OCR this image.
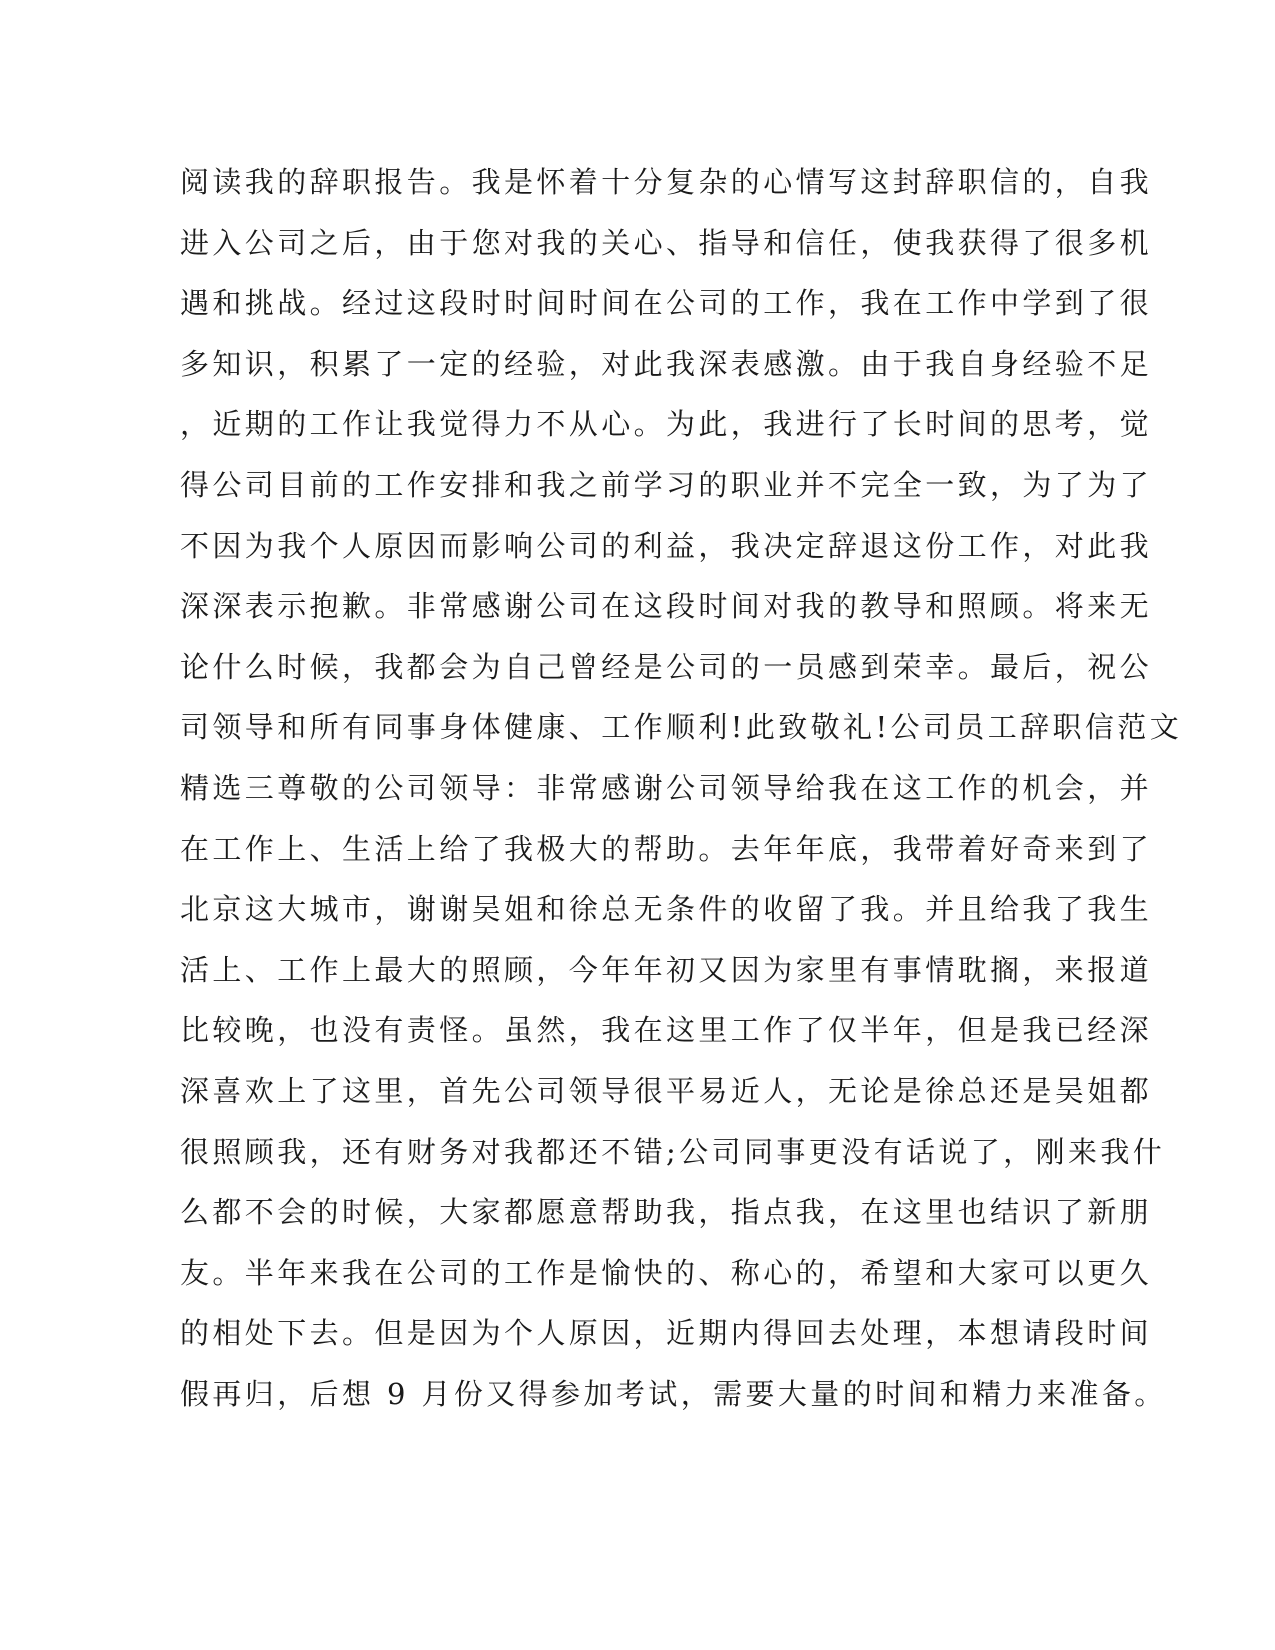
阅读我的辞职报告。我是怀着十分复杂的心情写这封辞职信的，自我
进入公司之后，由于您对我的关心、指导和信任，使我获得了很多机
遇和挑战。经过这段时时间时间在公司的工作，我在工作中学到了很
多知识，积累了一定的经验，对此我深表感激。由于我自身经验不足
，近期的工作让我觉得力不从心。为此，我进行了长时间的思考，觉
得公司目前的工作安排和我之前学习的职业并不完全一致，为了为了
不因为我个人原因而影响公司的利益，我决定辞退这份工作，对此我
深深表示抱歉。非常感谢公司在这段时间对我的教导和照顾。将来无
论什么时候，我都会为自己曾经是公司的一员感到荣幸。最后，祝公
司领导和所有同事身体健康、工作顺利!此致敬礼!公司员工辞职信范文
精选三尊敬的公司领导：非常感谢公司领导给我在这工作的机会，并
在工作上、生活上给了我极大的帮助。去年年底，我带着好奇来到了
北京这大城市，谢谢吴姐和徐总无条件的收留了我。并且给我了我生
活上、工作上最大的照顾，今年年初又因为家里有事情耽搁，来报道
比较晚，也没有责怪。虽然，我在这里工作了仅半年，但是我已经深
深喜欢上了这里，首先公司领导很平易近人，无论是徐总还是吴姐都
很照顾我，还有财务对我都还不错;公司同事更没有话说了，刚来我什
么都不会的时候，大家都愿意帮助我，指点我，在这里也结识了新朋
友。半年来我在公司的工作是愉快的、称心的，希望和大家可以更久
的相处下去。但是因为个人原因，近期内得回去处理，本想请段时间
假再归，后想 9 月份又得参加考试，需要大量的时间和精力来准备。
